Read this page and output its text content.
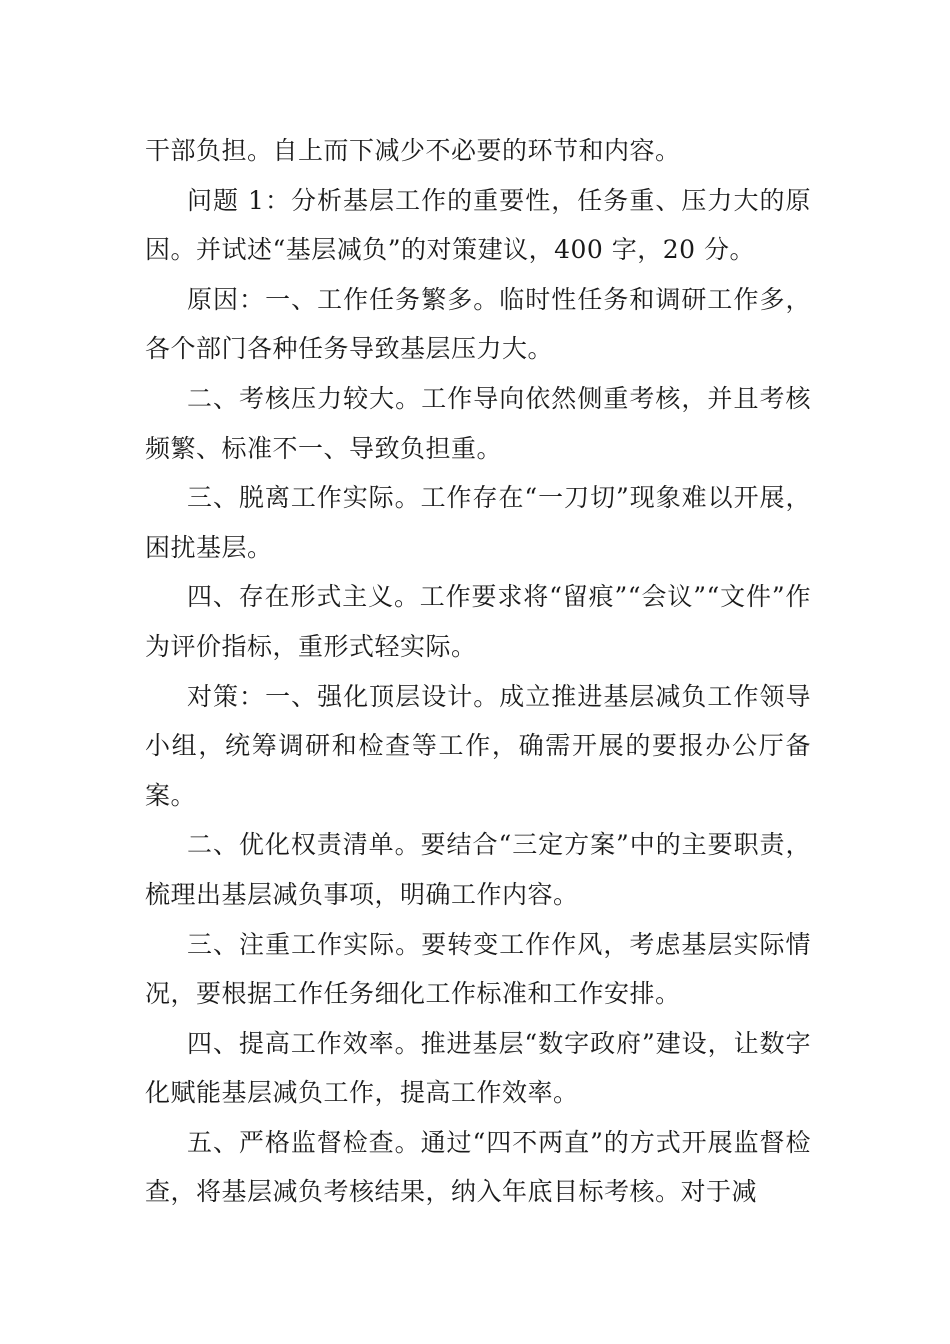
干部负担。自上而下减少不必要的环节和内容。

问题 1：分析基层工作的重要性，任务重、压力大的原因。并试述“基层减负”的对策建议，400 字，20 分。

原因：一、工作任务繁多。临时性任务和调研工作多，各个部门各种任务导致基层压力大。

二、考核压力较大。工作导向依然侧重考核，并且考核频繁、标准不一、导致负担重。

三、脱离工作实际。工作存在“一刀切”现象难以开展，困扰基层。

四、存在形式主义。工作要求将“留痕”“会议”“文件”作为评价指标，重形式轻实际。

对策：一、强化顶层设计。成立推进基层减负工作领导小组，统筹调研和检查等工作，确需开展的要报办公厅备案。

二、优化权责清单。要结合“三定方案”中的主要职责，梳理出基层减负事项，明确工作内容。

三、注重工作实际。要转变工作作风，考虑基层实际情况，要根据工作任务细化工作标准和工作安排。

四、提高工作效率。推进基层“数字政府”建设，让数字化赋能基层减负工作，提高工作效率。

五、严格监督检查。通过“四不两直”的方式开展监督检查，将基层减负考核结果，纳入年底目标考核。对于减
